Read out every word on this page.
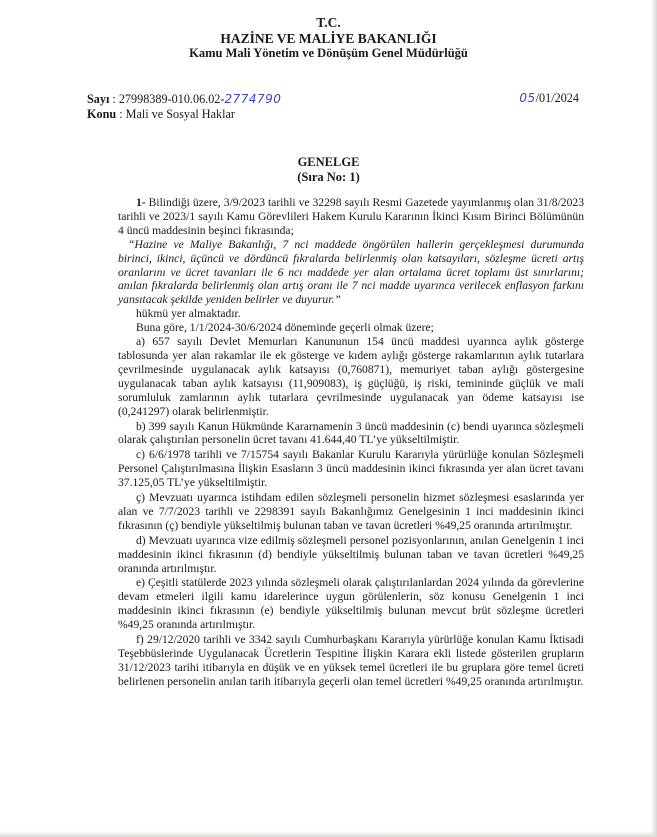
T.C.
HAZİNE VE MALİYE BAKANLIĞI
Kamu Mali Yönetim ve Dönüşüm Genel Müdürlüğü
Sayı : 27998389-010.06.02-2774790
Konu : Mali ve Sosyal Haklar
05/01/2024
GENELGE
(Sıra No: 1)

1- Bilindiği üzere, 3/9/2023 tarihli ve 32298 sayılı Resmi Gazetede yayımlanmış olan 31/8/2023 tarihli ve 2023/1 sayılı Kamu Görevlileri Hakem Kurulu Kararının İkinci Kısım Birinci Bölümünün 4 üncü maddesinin beşinci fıkrasında;

“Hazine ve Maliye Bakanlığı, 7 nci maddede öngörülen hallerin gerçekleşmesi durumunda birinci, ikinci, üçüncü ve dördüncü fıkralarda belirlenmiş olan katsayıları, sözleşme ücreti artış oranlarını ve ücret tavanları ile 6 ncı maddede yer alan ortalama ücret toplamı üst sınırlarını; anılan fıkralarda belirlenmiş olan artış oranı ile 7 nci madde uyarınca verilecek enflasyon farkını yansıtacak şekilde yeniden belirler ve duyurur.”

hükmü yer almaktadır.

Buna göre, 1/1/2024-30/6/2024 döneminde geçerli olmak üzere;

a) 657 sayılı Devlet Memurları Kanununun 154 üncü maddesi uyarınca aylık gösterge tablosunda yer alan rakamlar ile ek gösterge ve kıdem aylığı gösterge rakamlarının aylık tutarlara çevrilmesinde uygulanacak aylık katsayısı (0,760871), memuriyet taban aylığı göstergesine uygulanacak taban aylık katsayısı (11,909083), iş güçlüğü, iş riski, temininde güçlük ve mali sorumluluk zamlarının aylık tutarlara çevrilmesinde uygulanacak yan ödeme katsayısı ise (0,241297) olarak belirlenmiştir.

b) 399 sayılı Kanun Hükmünde Kararnamenin 3 üncü maddesinin (c) bendi uyarınca sözleşmeli olarak çalıştırılan personelin ücret tavanı 41.644,40 TL’ye yükseltilmiştir.

c) 6/6/1978 tarihli ve 7/15754 sayılı Bakanlar Kurulu Kararıyla yürürlüğe konulan Sözleşmeli Personel Çalıştırılmasına İlişkin Esasların 3 üncü maddesinin ikinci fıkrasında yer alan ücret tavanı 37.125,05 TL’ye yükseltilmiştir.

ç) Mevzuatı uyarınca istihdam edilen sözleşmeli personelin hizmet sözleşmesi esaslarında yer alan ve 7/7/2023 tarihli ve 2298391 sayılı Bakanlığımız Genelgesinin 1 inci maddesinin ikinci fıkrasının (ç) bendiyle yükseltilmiş bulunan taban ve tavan ücretleri %49,25 oranında artırılmıştır.

d) Mevzuatı uyarınca vize edilmiş sözleşmeli personel pozisyonlarının, anılan Genelgenin 1 inci maddesinin ikinci fıkrasının (d) bendiyle yükseltilmiş bulunan taban ve tavan ücretleri %49,25 oranında artırılmıştır.

e) Çeşitli statülerde 2023 yılında sözleşmeli olarak çalıştırılanlardan 2024 yılında da görevlerine devam etmeleri ilgili kamu idarelerince uygun görülenlerin, söz konusu Genelgenin 1 inci maddesinin ikinci fıkrasının (e) bendiyle yükseltilmiş bulunan mevcut brüt sözleşme ücretleri %49,25 oranında artırılmıştır.

f) 29/12/2020 tarihli ve 3342 sayılı Cumhurbaşkanı Kararıyla yürürlüğe konulan Kamu İktisadi Teşebbüslerinde Uygulanacak Ücretlerin Tespitine İlişkin Karara ekli listede gösterilen grupların 31/12/2023 tarihi itibarıyla en düşük ve en yüksek temel ücretleri ile bu gruplara göre temel ücreti belirlenen personelin anılan tarih itibarıyla geçerli olan temel ücretleri %49,25 oranında artırılmıştır.
